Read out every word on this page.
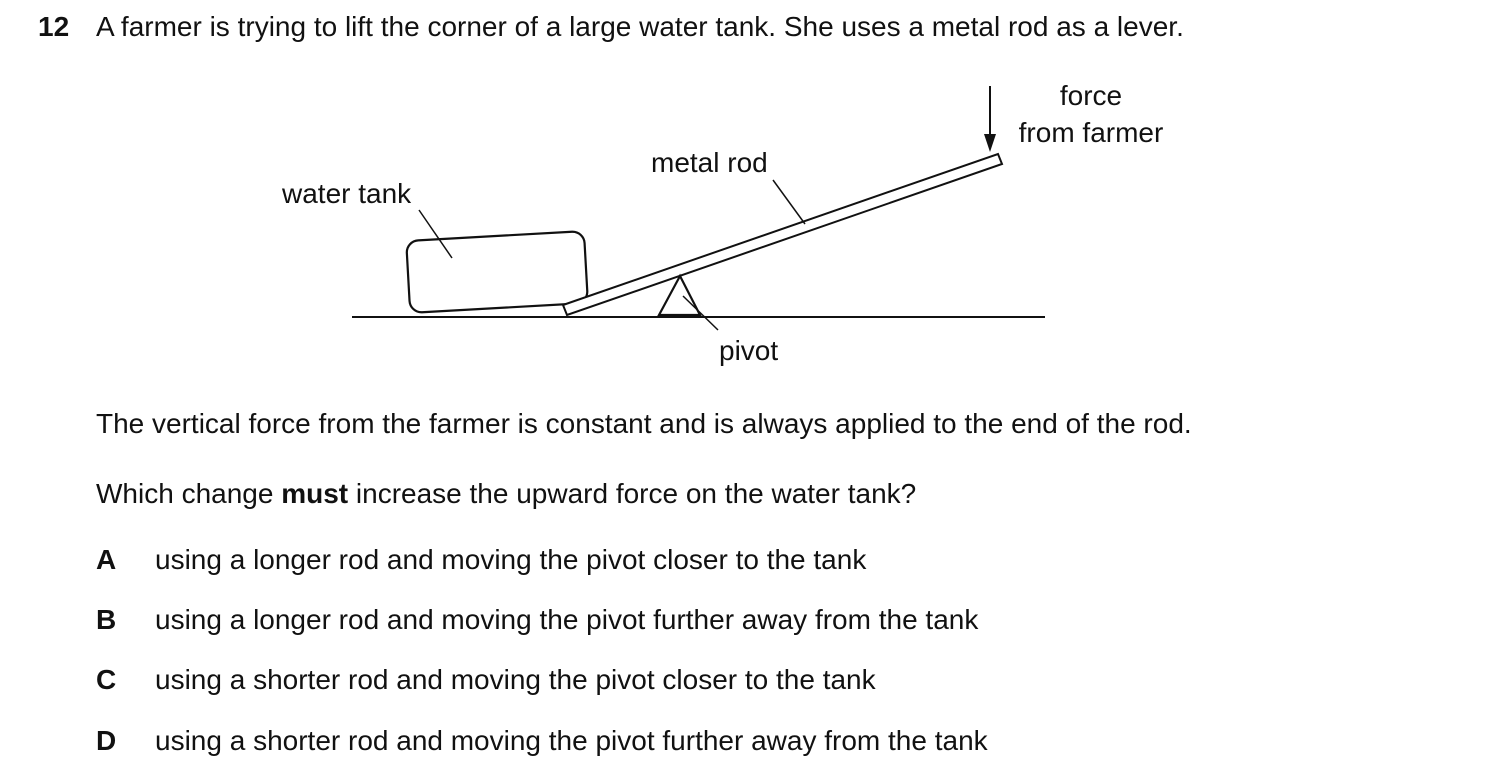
12 A farmer is trying to lift the corner of a large water tank. She uses a metal rod as a lever.
water tank
metal rod
pivot
force
from farmer
The vertical force from the farmer is constant and is always applied to the end of the rod.
Which change must increase the upward force on the water tank?
A using a longer rod and moving the pivot closer to the tank
B using a longer rod and moving the pivot further away from the tank
C using a shorter rod and moving the pivot closer to the tank
D using a shorter rod and moving the pivot further away from the tank
